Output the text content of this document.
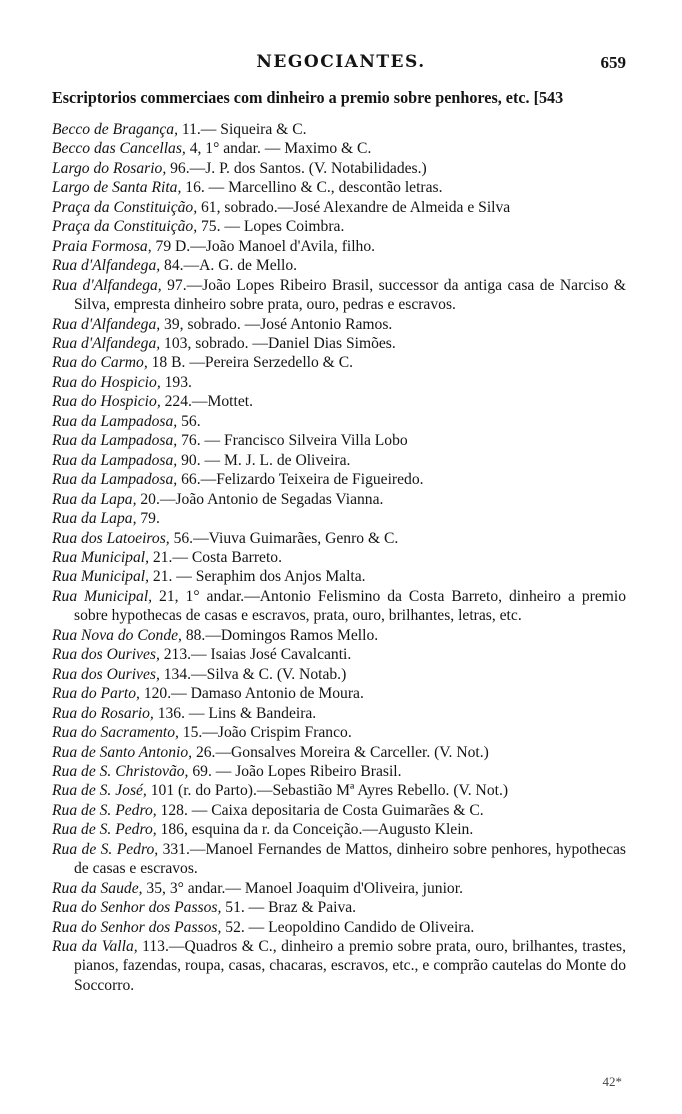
NEGOCIANTES.	659
Escriptorios commerciaes com dinheiro a premio sobre penhores, etc. [543
Becco de Bragança, 11.— Siqueira & C.
Becco das Cancellas, 4, 1° andar. — Maximo & C.
Largo do Rosario, 96.—J. P. dos Santos. (V. Notabilidades.)
Largo de Santa Rita, 16. — Marcellino & C., descontão letras.
Praça da Constituição, 61, sobrado.—José Alexandre de Almeida e Silva
Praça da Constituição, 75. — Lopes Coimbra.
Praia Formosa, 79 D.—João Manoel d'Avila, filho.
Rua d'Alfandega, 84.—A. G. de Mello.
Rua d'Alfandega, 97.—João Lopes Ribeiro Brasil, successor da antiga casa de Narciso & Silva, empresta dinheiro sobre prata, ouro, pedras e escravos.
Rua d'Alfandega, 39, sobrado. —José Antonio Ramos.
Rua d'Alfandega, 103, sobrado. —Daniel Dias Simões.
Rua do Carmo, 18 B. —Pereira Serzedello & C.
Rua do Hospicio, 193.
Rua do Hospicio, 224.—Mottet.
Rua da Lampadosa, 56.
Rua da Lampadosa, 76. — Francisco Silveira Villa Lobo
Rua da Lampadosa, 90. — M. J. L. de Oliveira.
Rua da Lampadosa, 66.—Felizardo Teixeira de Figueiredo.
Rua da Lapa, 20.—João Antonio de Segadas Vianna.
Rua da Lapa, 79.
Rua dos Latoeiros, 56.—Viuva Guimarães, Genro & C.
Rua Municipal, 21.— Costa Barreto.
Rua Municipal, 21. — Seraphim dos Anjos Malta.
Rua Municipal, 21, 1° andar.—Antonio Felismino da Costa Barreto, dinheiro a premio sobre hypothecas de casas e escravos, prata, ouro, brilhantes, letras, etc.
Rua Nova do Conde, 88.—Domingos Ramos Mello.
Rua dos Ourives, 213.— Isaias José Cavalcanti.
Rua dos Ourives, 134.—Silva & C. (V. Notab.)
Rua do Parto, 120.— Damaso Antonio de Moura.
Rua do Rosario, 136. — Lins & Bandeira.
Rua do Sacramento, 15.—João Crispim Franco.
Rua de Santo Antonio, 26.—Gonsalves Moreira & Carceller. (V. Not.)
Rua de S. Christovão, 69. — João Lopes Ribeiro Brasil.
Rua de S. José, 101 (r. do Parto).—Sebastião Mª Ayres Rebello. (V. Not.)
Rua de S. Pedro, 128. — Caixa depositaria de Costa Guimarães & C.
Rua de S. Pedro, 186, esquina da r. da Conceição.—Augusto Klein.
Rua de S. Pedro, 331.—Manoel Fernandes de Mattos, dinheiro sobre penhores, hypothecas de casas e escravos.
Rua da Saude, 35, 3° andar.— Manoel Joaquim d'Oliveira, junior.
Rua do Senhor dos Passos, 51. — Braz & Paiva.
Rua do Senhor dos Passos, 52. — Leopoldino Candido de Oliveira.
Rua da Valla, 113.—Quadros & C., dinheiro a premio sobre prata, ouro, brilhantes, trastes, pianos, fazendas, roupa, casas, chacaras, escravos, etc., e comprão cautelas do Monte do Soccorro.
42*
